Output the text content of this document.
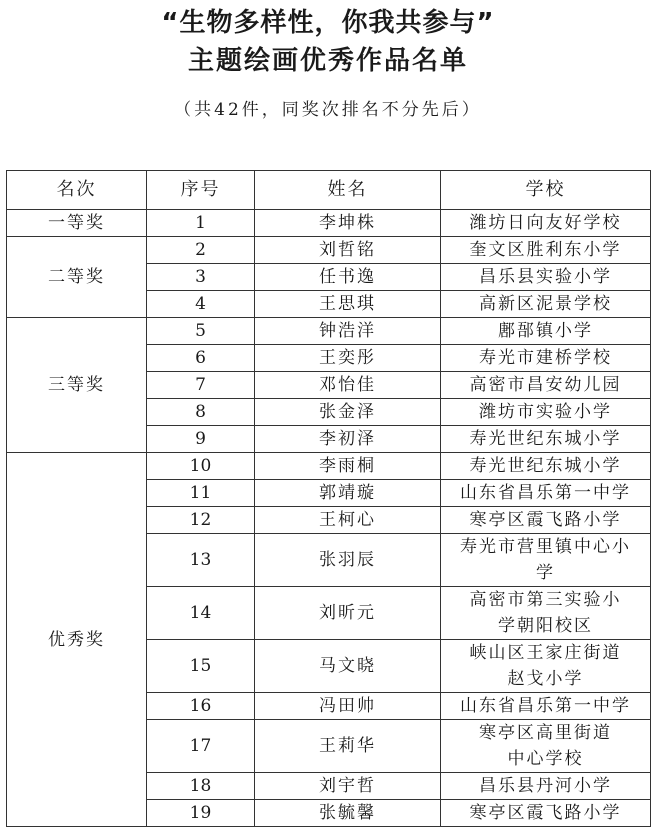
“生物多样性，你我共参与”
主题绘画优秀作品名单
（共42件，同奖次排名不分先后）
名次	序号	姓名	学校
一等奖	1	李坤株	潍坊日向友好学校
二等奖	2	刘哲铭	奎文区胜利东小学
	3	任书逸	昌乐县实验小学
	4	王思琪	高新区泥景学校
三等奖	5	钟浩洋	鄌郚镇小学
	6	王奕彤	寿光市建桥学校
	7	邓怡佳	高密市昌安幼儿园
	8	张金泽	潍坊市实验小学
	9	李初泽	寿光世纪东城小学
优秀奖	10	李雨桐	寿光世纪东城小学
	11	郭靖璇	山东省昌乐第一中学
	12	王柯心	寒亭区霞飞路小学
	13	张羽辰	寿光市营里镇中心小
学
	14	刘昕元	高密市第三实验小
学朝阳校区
	15	马文晓	峡山区王家庄街道
赵戈小学
	16	冯田帅	山东省昌乐第一中学
	17	王莉华	寒亭区高里街道
中心学校
	18	刘宇哲	昌乐县丹河小学
	19	张毓馨	寒亭区霞飞路小学
